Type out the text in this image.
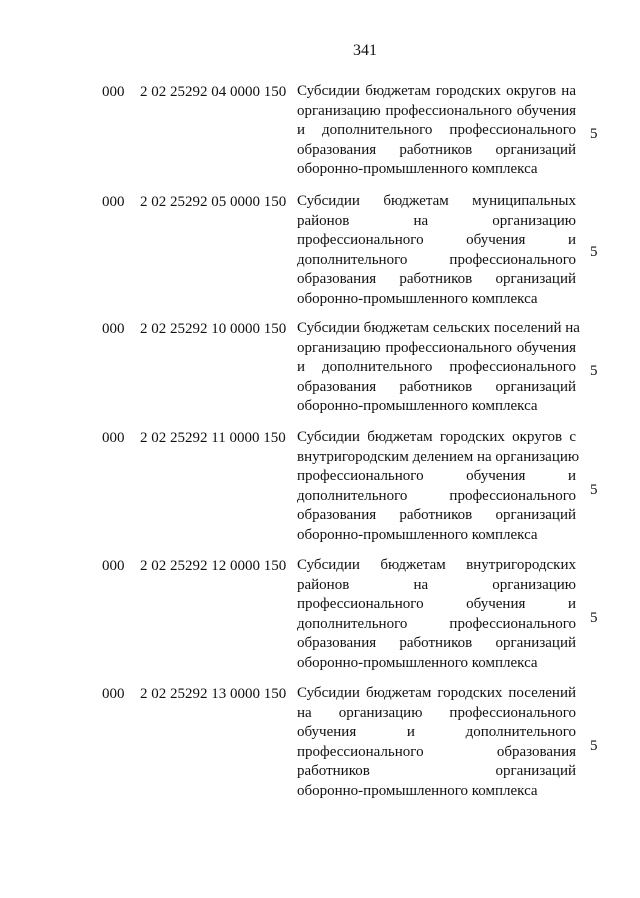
341
000 2 02 25292 04 0000 150 Субсидии бюджетам городских округов на
организацию профессионального обучения
и дополнительного профессионального
образования работников организаций
оборонно-промышленного комплекса
5
000 2 02 25292 05 0000 150 Субсидии бюджетам муниципальных
районов на организацию
профессионального обучения и
дополнительного профессионального
образования работников организаций
оборонно-промышленного комплекса
5
000 2 02 25292 10 0000 150 Субсидии бюджетам сельских поселений на
организацию профессионального обучения
и дополнительного профессионального
образования работников организаций
оборонно-промышленного комплекса
5
000 2 02 25292 11 0000 150 Субсидии бюджетам городских округов с
внутригородским делением на организацию
профессионального обучения и
дополнительного профессионального
образования работников организаций
оборонно-промышленного комплекса
5
000 2 02 25292 12 0000 150 Субсидии бюджетам внутригородских
районов на организацию
профессионального обучения и
дополнительного профессионального
образования работников организаций
оборонно-промышленного комплекса
5
000 2 02 25292 13 0000 150 Субсидии бюджетам городских поселений
на организацию профессионального
обучения и дополнительного
профессионального образования
работников организаций
оборонно-промышленного комплекса
5
